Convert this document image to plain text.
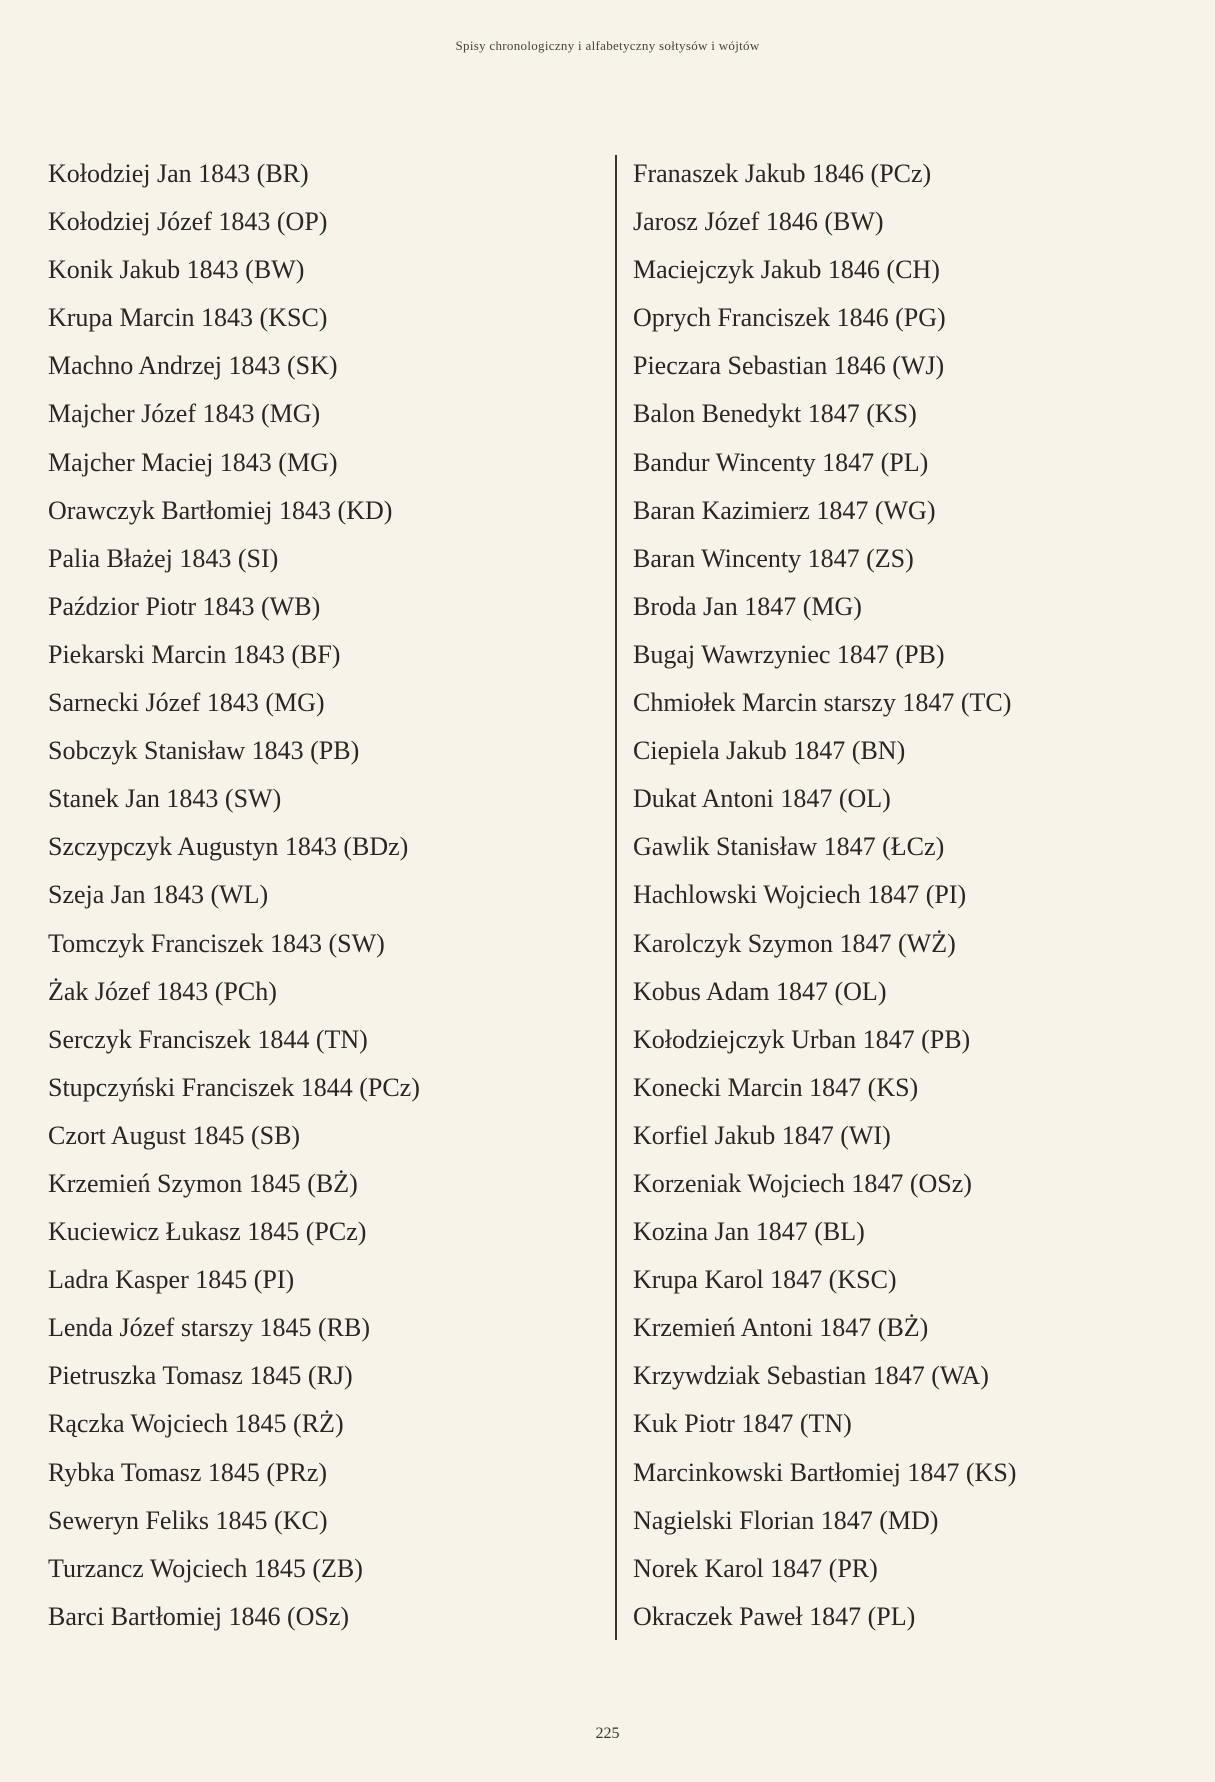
Spisy chronologiczny i alfabetyczny sołtysów i wójtów
Kołodziej Jan 1843 (BR)
Kołodziej Józef 1843 (OP)
Konik Jakub 1843 (BW)
Krupa Marcin 1843 (KSC)
Machno Andrzej 1843 (SK)
Majcher Józef 1843 (MG)
Majcher Maciej 1843 (MG)
Orawczyk Bartłomiej 1843 (KD)
Palia Błażej 1843 (SI)
Paździor Piotr 1843 (WB)
Piekarski Marcin 1843 (BF)
Sarnecki Józef 1843 (MG)
Sobczyk Stanisław 1843 (PB)
Stanek Jan 1843 (SW)
Szczypczyk Augustyn 1843 (BDz)
Szeja Jan 1843 (WL)
Tomczyk Franciszek 1843 (SW)
Żak Józef 1843 (PCh)
Serczyk Franciszek 1844 (TN)
Stupczyński Franciszek 1844 (PCz)
Czort August 1845 (SB)
Krzemień Szymon 1845 (BŻ)
Kuciewicz Łukasz 1845 (PCz)
Ladra Kasper 1845 (PI)
Lenda Józef starszy 1845 (RB)
Pietruszka Tomasz 1845 (RJ)
Rączka Wojciech 1845 (RŻ)
Rybka Tomasz 1845 (PRz)
Seweryn Feliks 1845 (KC)
Turzancz Wojciech 1845 (ZB)
Barci Bartłomiej 1846 (OSz)
Franaszek Jakub 1846 (PCz)
Jarosz Józef 1846 (BW)
Maciejczyk Jakub 1846 (CH)
Oprych Franciszek 1846 (PG)
Pieczara Sebastian 1846 (WJ)
Balon Benedykt 1847 (KS)
Bandur Wincenty 1847 (PL)
Baran Kazimierz 1847 (WG)
Baran Wincenty 1847 (ZS)
Broda Jan 1847 (MG)
Bugaj Wawrzyniec 1847 (PB)
Chmiołek Marcin starszy 1847 (TC)
Ciepiela Jakub 1847 (BN)
Dukat Antoni 1847 (OL)
Gawlik Stanisław 1847 (ŁCz)
Hachlowski Wojciech 1847 (PI)
Karolczyk Szymon 1847 (WŻ)
Kobus Adam 1847 (OL)
Kołodziejczyk Urban 1847 (PB)
Konecki Marcin 1847 (KS)
Korfiel Jakub 1847 (WI)
Korzeniak Wojciech 1847 (OSz)
Kozina Jan 1847 (BL)
Krupa Karol 1847 (KSC)
Krzemień Antoni 1847 (BŻ)
Krzywdziak Sebastian 1847 (WA)
Kuk Piotr 1847 (TN)
Marcinkowski Bartłomiej 1847 (KS)
Nagielski Florian 1847 (MD)
Norek Karol 1847 (PR)
Okraczek Paweł 1847 (PL)
225
